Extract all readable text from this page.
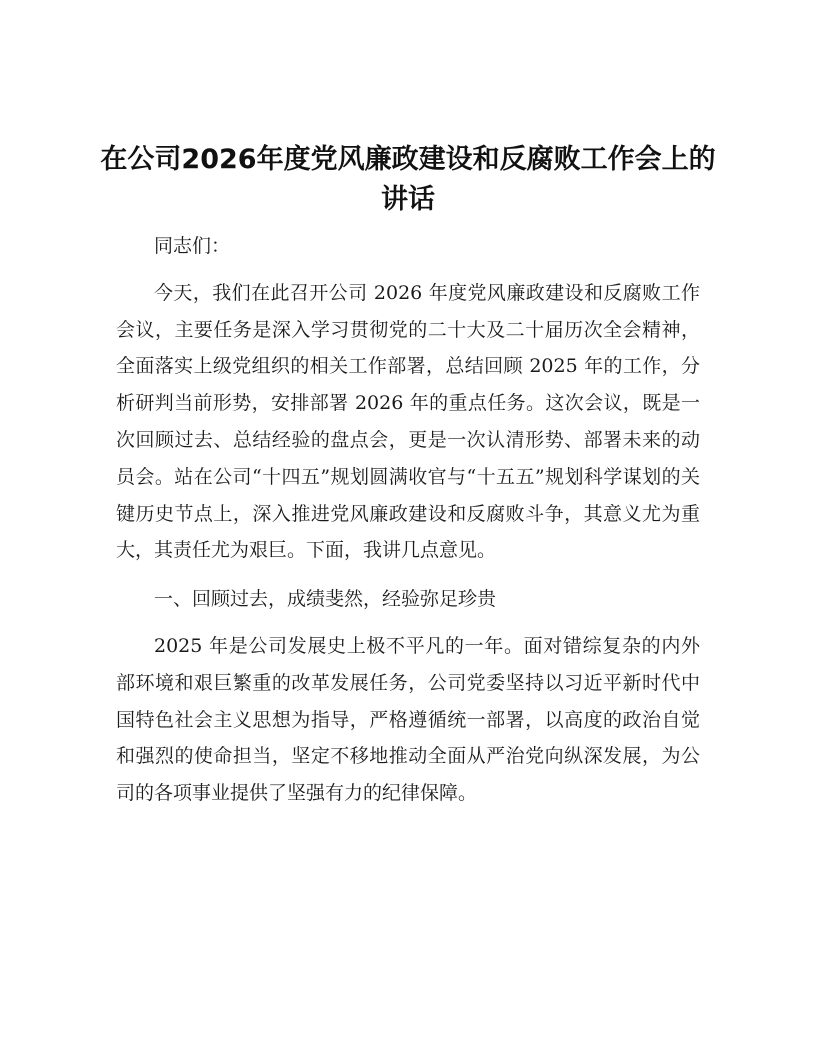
在公司2026年度党风廉政建设和反腐败工作会上的讲话

同志们：

今天，我们在此召开公司 2026 年度党风廉政建设和反腐败工作会议，主要任务是深入学习贯彻党的二十大及二十届历次全会精神，全面落实上级党组织的相关工作部署，总结回顾 2025 年的工作，分析研判当前形势，安排部署 2026 年的重点任务。这次会议，既是一次回顾过去、总结经验的盘点会，更是一次认清形势、部署未来的动员会。站在公司“十四五”规划圆满收官与“十五五”规划科学谋划的关键历史节点上，深入推进党风廉政建设和反腐败斗争，其意义尤为重大，其责任尤为艰巨。下面，我讲几点意见。

一、回顾过去，成绩斐然，经验弥足珍贵

2025 年是公司发展史上极不平凡的一年。面对错综复杂的内外部环境和艰巨繁重的改革发展任务，公司党委坚持以习近平新时代中国特色社会主义思想为指导，严格遵循统一部署，以高度的政治自觉和强烈的使命担当，坚定不移地推动全面从严治党向纵深发展，为公司的各项事业提供了坚强有力的纪律保障。
